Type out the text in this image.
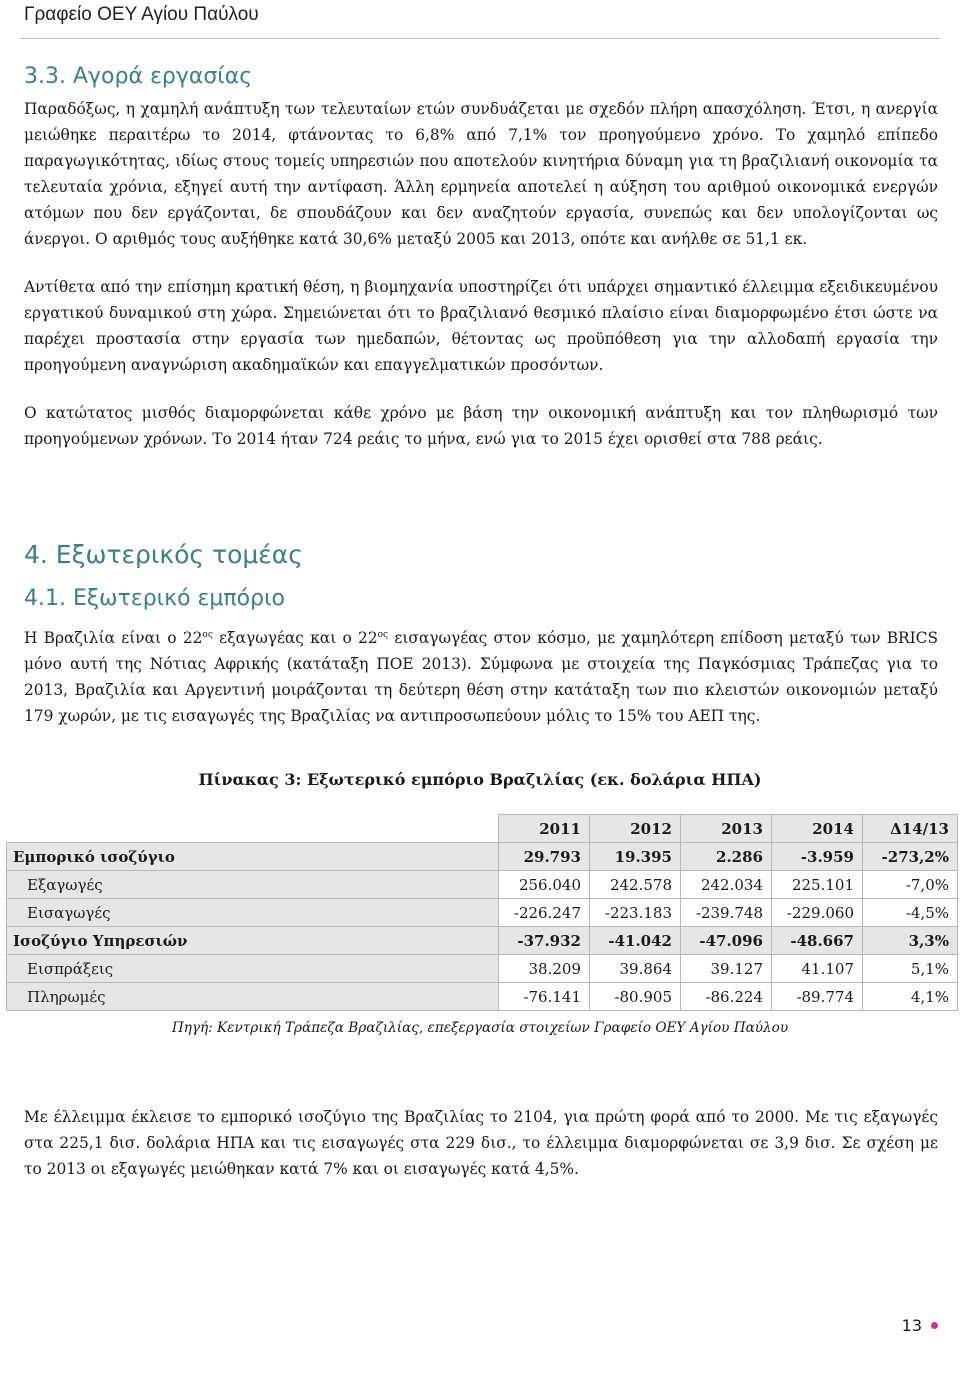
Γραφείο ΟΕΥ Αγίου Παύλου
3.3. Αγορά εργασίας

Παραδόξως, η χαμηλή ανάπτυξη των τελευταίων ετών συνδυάζεται με σχεδόν πλήρη απασχόληση. Έτσι, η ανεργία μειώθηκε περαιτέρω το 2014, φτάνοντας το 6,8% από 7,1% τον προηγούμενο χρόνο. Το χαμηλό επίπεδο παραγωγικότητας, ιδίως στους τομείς υπηρεσιών που αποτελούν κινητήρια δύναμη για τη βραζιλιανή οικονομία τα τελευταία χρόνια, εξηγεί αυτή την αντίφαση. Άλλη ερμηνεία αποτελεί η αύξηση του αριθμού οικονομικά ενεργών ατόμων που δεν εργάζονται, δε σπουδάζουν και δεν αναζητούν εργασία, συνεπώς και δεν υπολογίζονται ως άνεργοι. Ο αριθμός τους αυξήθηκε κατά 30,6% μεταξύ 2005 και 2013, οπότε και ανήλθε σε 51,1 εκ.

Αντίθετα από την επίσημη κρατική θέση, η βιομηχανία υποστηρίζει ότι υπάρχει σημαντικό έλλειμμα εξειδικευμένου εργατικού δυναμικού στη χώρα. Σημειώνεται ότι το βραζιλιανό θεσμικό πλαίσιο είναι διαμορφωμένο έτσι ώστε να παρέχει προστασία στην εργασία των ημεδαπών, θέτοντας ως προϋπόθεση για την αλλοδαπή εργασία την προηγούμενη αναγνώριση ακαδημαϊκών και επαγγελματικών προσόντων.

Ο κατώτατος μισθός διαμορφώνεται κάθε χρόνο με βάση την οικονομική ανάπτυξη και τον πληθωρισμό των προηγούμενων χρόνων. Το 2014 ήταν 724 ρεάις το μήνα, ενώ για το 2015 έχει ορισθεί στα 788 ρεάις.

4. Εξωτερικός τομέας
4.1. Εξωτερικό εμπόριο

Η Βραζιλία είναι ο $22^{o\varsigma}$ εξαγωγέας και ο $22^{o\varsigma}$ εισαγωγέας στον κόσμο, με χαμηλότερη επίδοση μεταξύ των BRICS μόνο αυτή της Νότιας Αφρικής (κατάταξη ΠΟΕ 2013). Σύμφωνα με στοιχεία της Παγκόσμιας Τράπεζας για το 2013, Βραζιλία και Αργεντινή μοιράζονται τη δεύτερη θέση στην κατάταξη των πιο κλειστών οικονομιών μεταξύ 179 χωρών, με τις εισαγωγές της Βραζιλίας να αντιπροσωπεύουν μόλις το 15% του ΑΕΠ της.

Πίνακας 3: Εξωτερικό εμπόριο Βραζιλίας (εκ. δολάρια ΗΠΑ)
	2011	2012	2013	2014	Δ14/13
Εμπορικό ισοζύγιο	29.793	19.395	2.286	-3.959	-273,2%
Εξαγωγές	256.040	242.578	242.034	225.101	-7,0%
Εισαγωγές	-226.247	-223.183	-239.748	-229.060	-4,5%
Ισοζύγιο Υπηρεσιών	-37.932	-41.042	-47.096	-48.667	3,3%
Εισπράξεις	38.209	39.864	39.127	41.107	5,1%
Πληρωμές	-76.141	-80.905	-86.224	-89.774	4,1%
Πηγή: Κεντρική Τράπεζα Βραζιλίας, επεξεργασία στοιχείων Γραφείο ΟΕΥ Αγίου Παύλου

Με έλλειμμα έκλεισε το εμπορικό ισοζύγιο της Βραζιλίας το 2104, για πρώτη φορά από το 2000. Με τις εξαγωγές στα 225,1 δισ. δολάρια ΗΠΑ και τις εισαγωγές στα 229 δισ., το έλλειμμα διαμορφώνεται σε 3,9 δισ. Σε σχέση με το 2013 οι εξαγωγές μειώθηκαν κατά 7% και οι εισαγωγές κατά 4,5%.

13
